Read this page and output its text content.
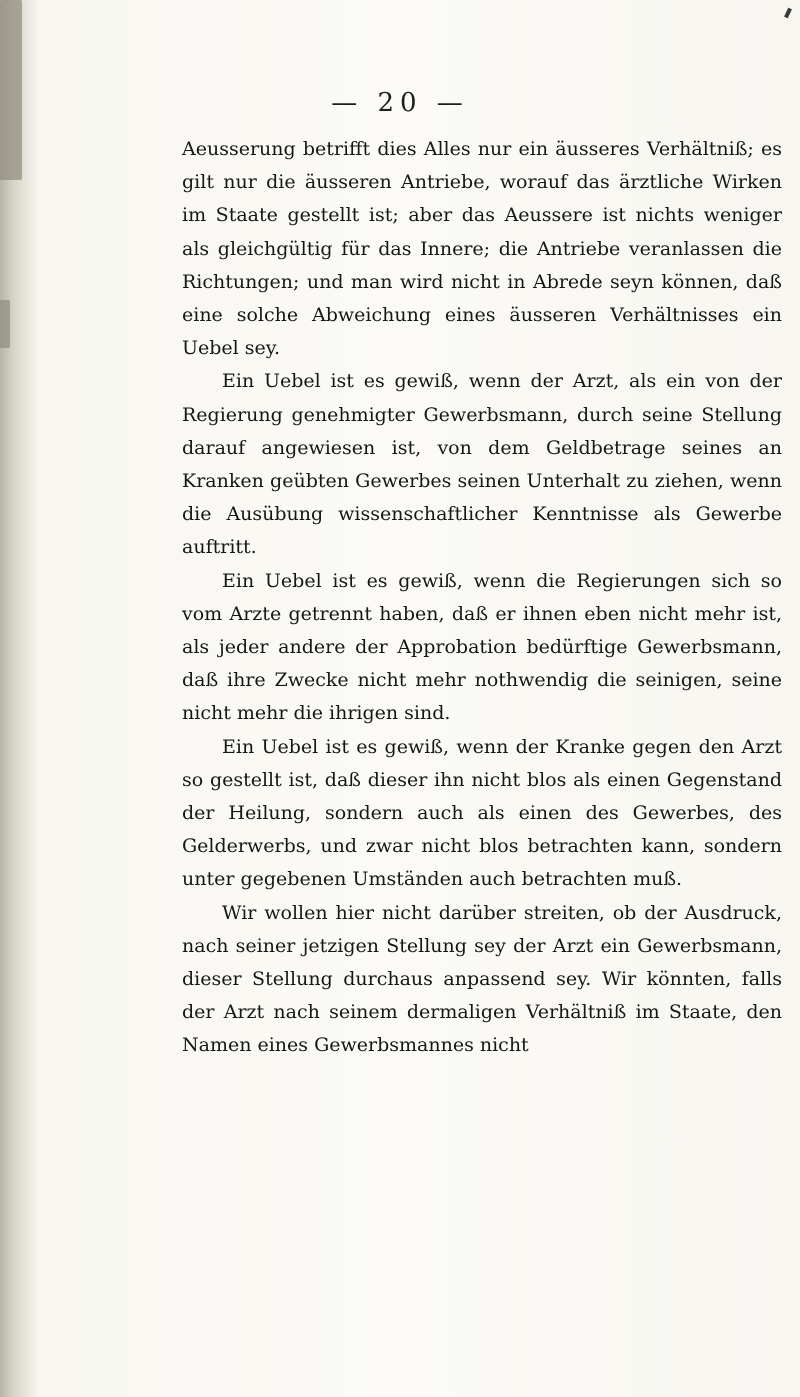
— 20 —

Aeusserung betrifft dies Alles nur ein äusseres Verhältniß; es gilt nur die äusseren Antriebe, worauf das ärztliche Wirken im Staate gestellt ist; aber das Aeussere ist nichts weniger als gleichgültig für das Innere; die Antriebe veranlassen die Richtungen; und man wird nicht in Abrede seyn können, daß eine solche Abweichung eines äusseren Verhältnisses ein Uebel sey.

Ein Uebel ist es gewiß, wenn der Arzt, als ein von der Regierung genehmigter Gewerbsmann, durch seine Stellung darauf angewiesen ist, von dem Geldbetrage seines an Kranken geübten Gewerbes seinen Unterhalt zu ziehen, wenn die Ausübung wissenschaftlicher Kenntnisse als Gewerbe auftritt.

Ein Uebel ist es gewiß, wenn die Regierungen sich so vom Arzte getrennt haben, daß er ihnen eben nicht mehr ist, als jeder andere der Approbation bedürftige Gewerbsmann, daß ihre Zwecke nicht mehr nothwendig die seinigen, seine nicht mehr die ihrigen sind.

Ein Uebel ist es gewiß, wenn der Kranke gegen den Arzt so gestellt ist, daß dieser ihn nicht blos als einen Gegenstand der Heilung, sondern auch als einen des Gewerbes, des Gelderwerbs, und zwar nicht blos betrachten kann, sondern unter gegebenen Umständen auch betrachten muß.

Wir wollen hier nicht darüber streiten, ob der Ausdruck, nach seiner jetzigen Stellung sey der Arzt ein Gewerbsmann, dieser Stellung durchaus anpassend sey. Wir könnten, falls der Arzt nach seinem dermaligen Verhältniß im Staate, den Namen eines Gewerbsmannes nicht
